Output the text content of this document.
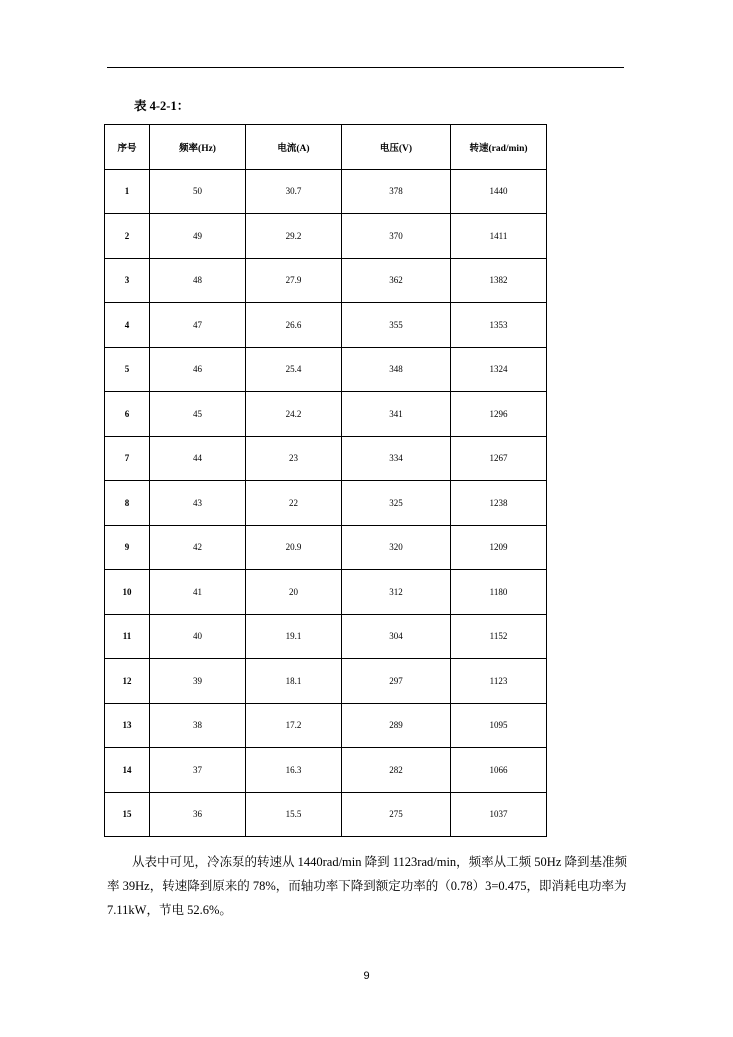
表 4-2-1：
序号	频率(Hz)	电流(A)	电压(V)	转速(rad/min)
1	50	30.7	378	1440
2	49	29.2	370	1411
3	48	27.9	362	1382
4	47	26.6	355	1353
5	46	25.4	348	1324
6	45	24.2	341	1296
7	44	23	334	1267
8	43	22	325	1238
9	42	20.9	320	1209
10	41	20	312	1180
11	40	19.1	304	1152
12	39	18.1	297	1123
13	38	17.2	289	1095
14	37	16.3	282	1066
15	36	15.5	275	1037
从表中可见，冷冻泵的转速从 1440rad/min 降到 1123rad/min，频率从工频 50Hz 降到基准频率 39Hz，转速降到原来的 78%，而轴功率下降到额定功率的（0.78）3=0.475，即消耗电功率为 7.11kW，节电 52.6%。
9
